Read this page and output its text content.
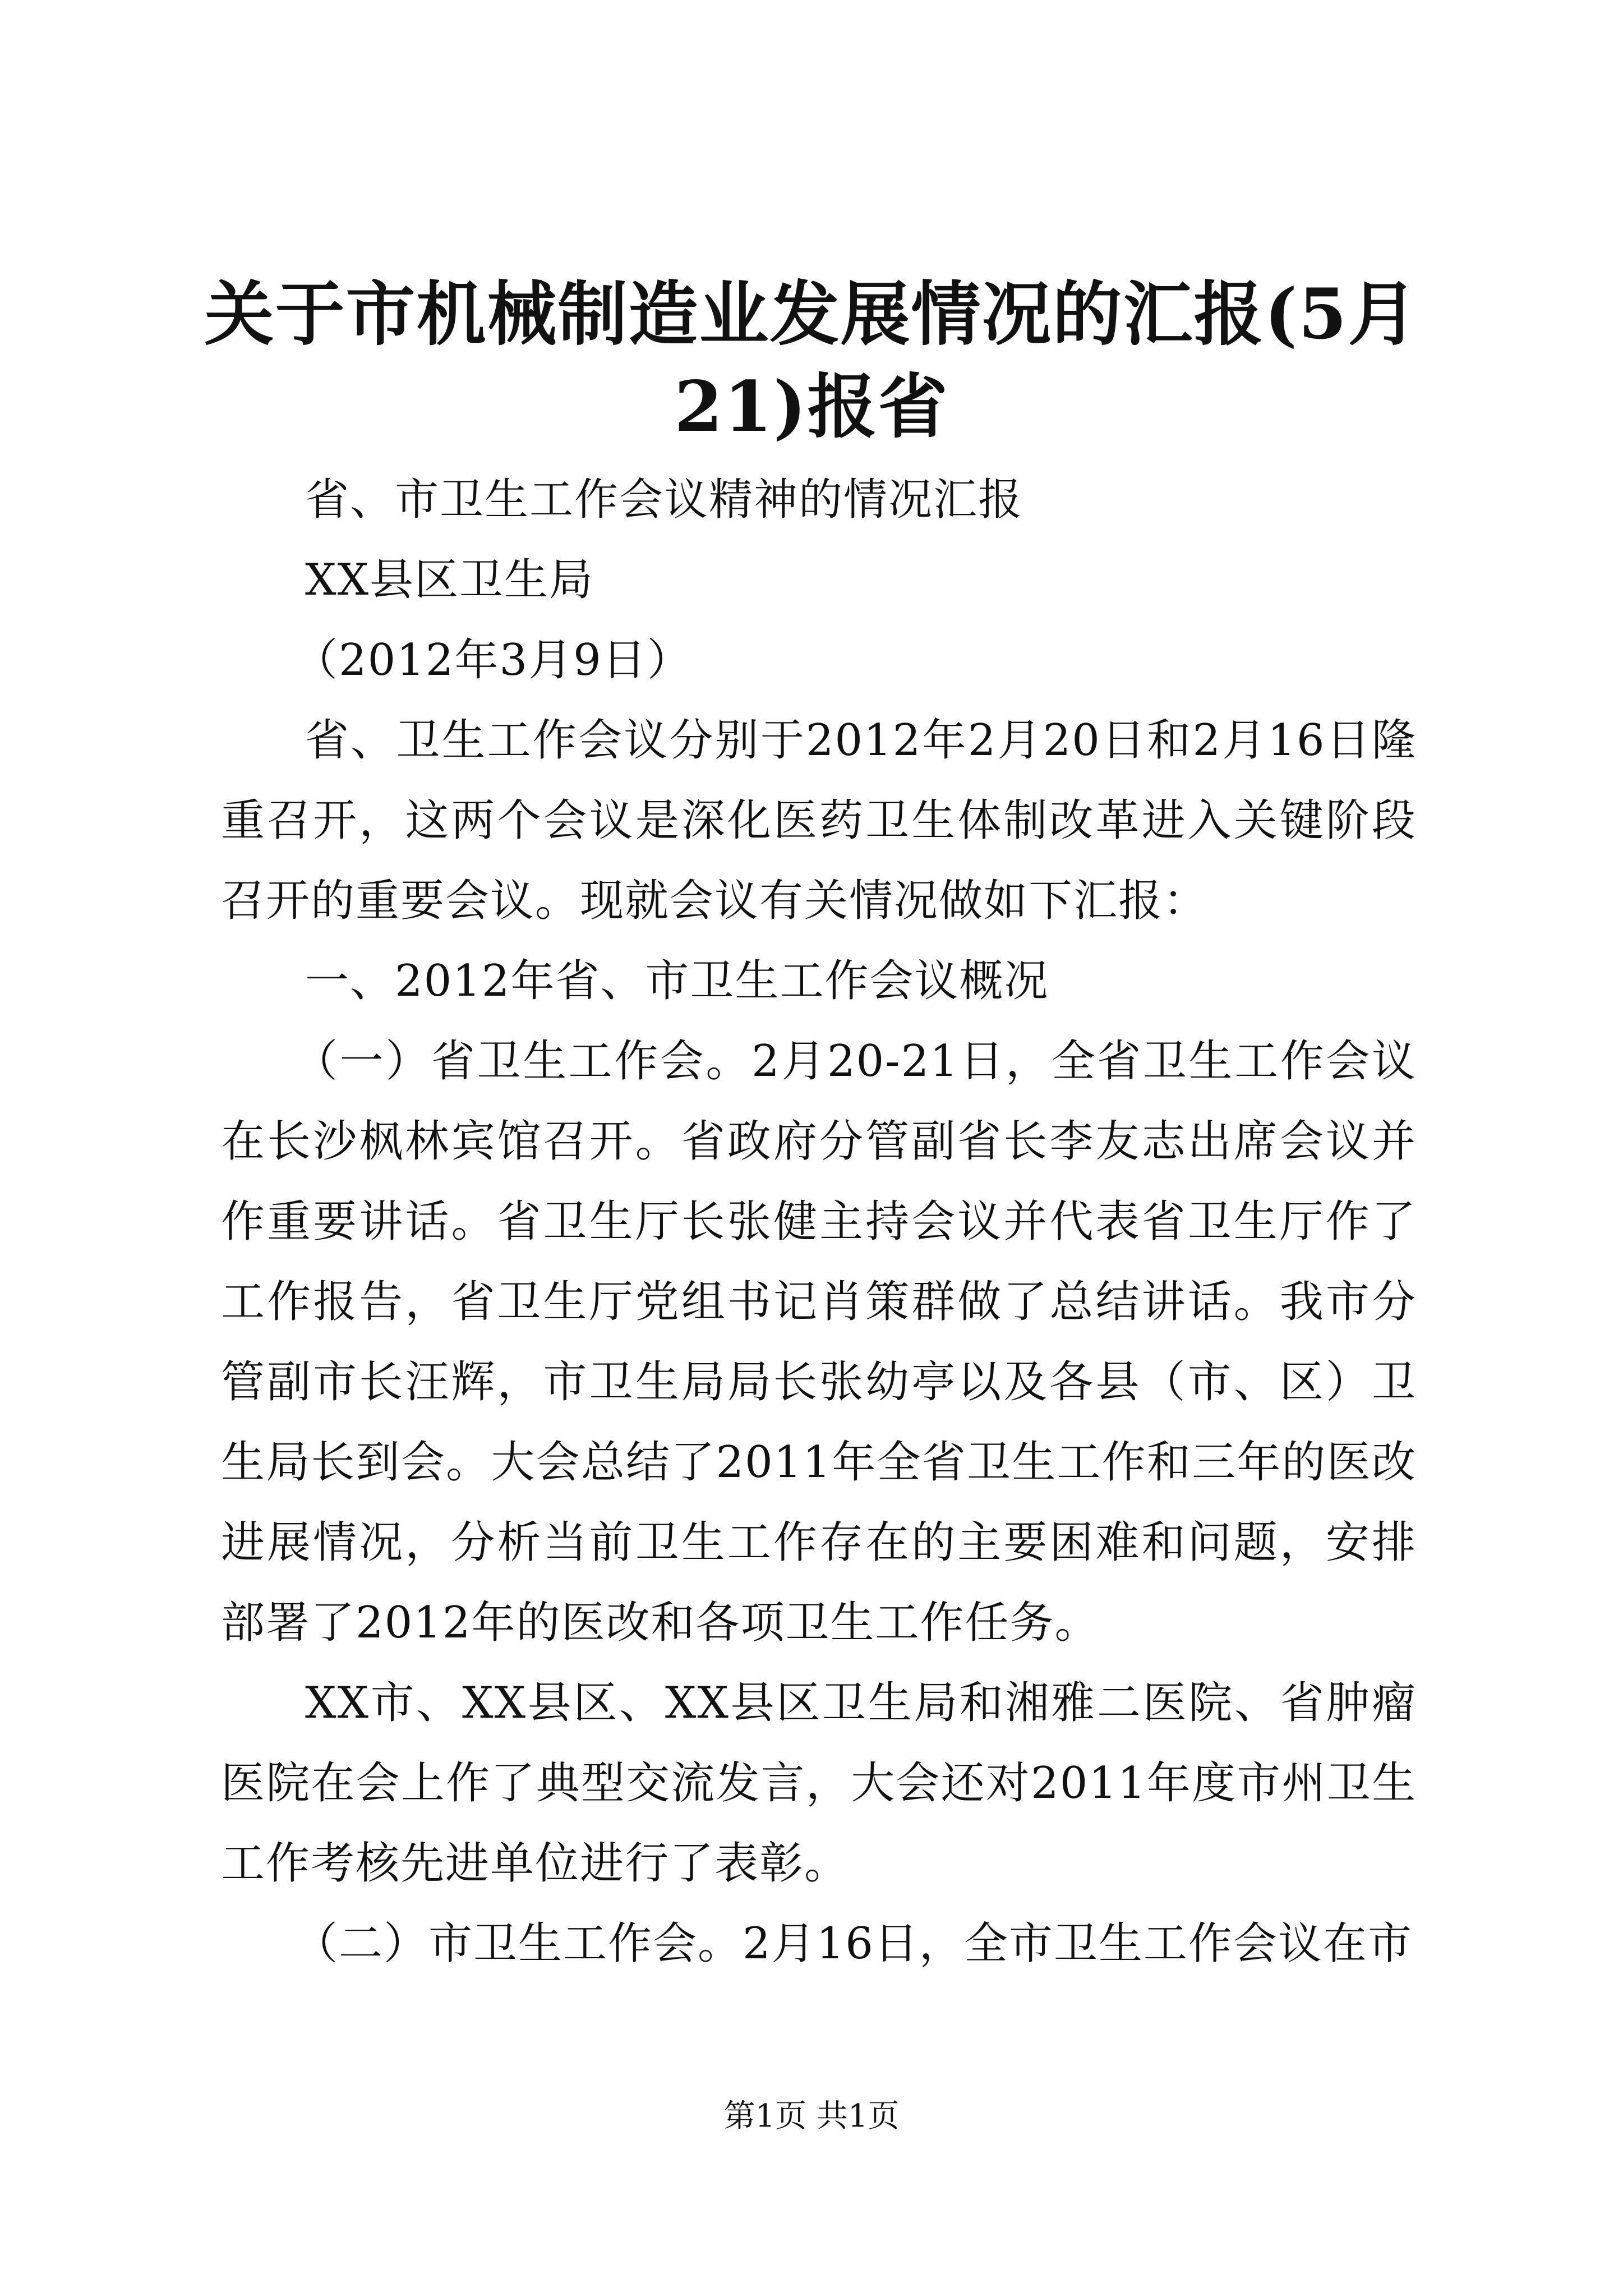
关于市机械制造业发展情况的汇报(5月21)报省

省、市卫生工作会议精神的情况汇报

XX县区卫生局

（2012年3月9日）

省、卫生工作会议分别于2012年2月20日和2月16日隆重召开，这两个会议是深化医药卫生体制改革进入关键阶段召开的重要会议。现就会议有关情况做如下汇报：

一、2012年省、市卫生工作会议概况

（一）省卫生工作会。2月20-21日，全省卫生工作会议在长沙枫林宾馆召开。省政府分管副省长李友志出席会议并作重要讲话。省卫生厅长张健主持会议并代表省卫生厅作了工作报告，省卫生厅党组书记肖策群做了总结讲话。我市分管副市长汪辉，市卫生局局长张幼亭以及各县（市、区）卫生局长到会。大会总结了2011年全省卫生工作和三年的医改进展情况，分析当前卫生工作存在的主要困难和问题，安排部署了2012年的医改和各项卫生工作任务。

XX市、XX县区、XX县区卫生局和湘雅二医院、省肿瘤医院在会上作了典型交流发言，大会还对2011年度市州卫生工作考核先进单位进行了表彰。

（二）市卫生工作会。2月16日，全市卫生工作会议在市

第1页 共1页
